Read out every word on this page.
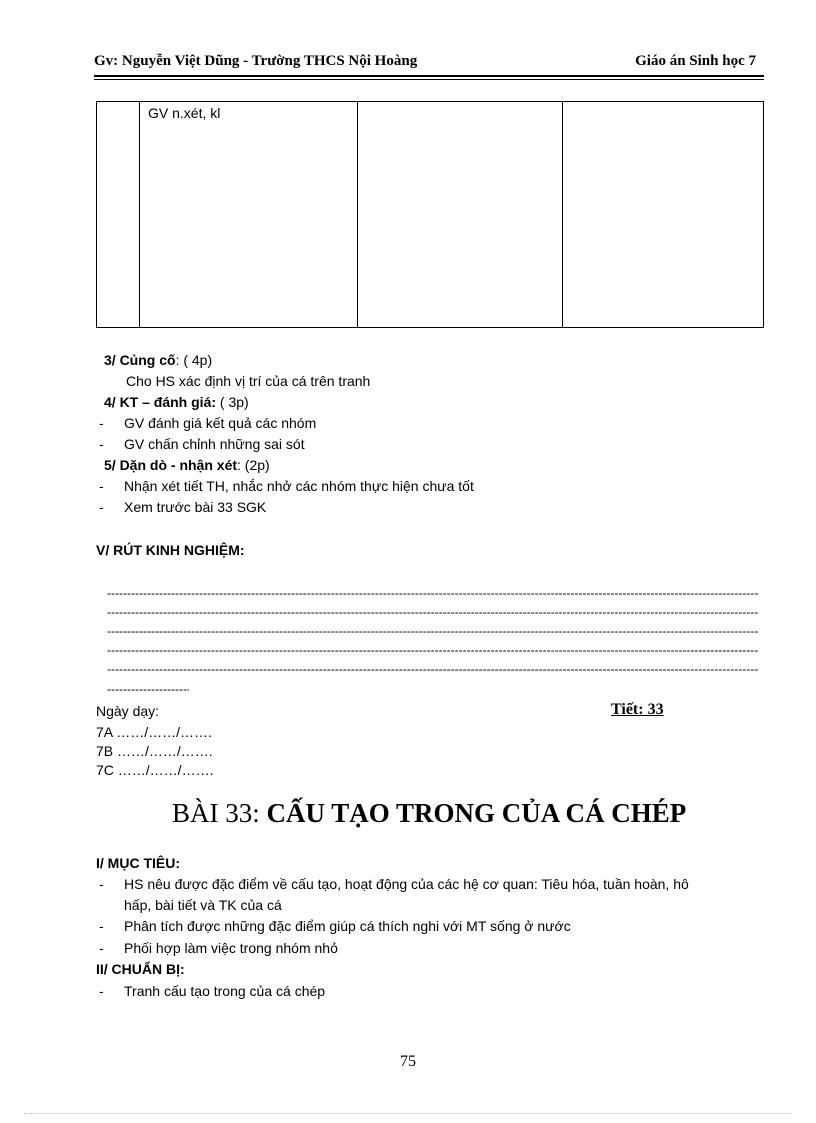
Gv: Nguyễn Việt Dũng - Trường THCS Nội Hoàng	Giáo án Sinh học 7

GV n.xét, kl

3/ Củng cố: ( 4p)
Cho HS xác định vị trí của cá trên tranh
4/ KT – đánh giá: ( 3p)
- GV đánh giá kết quả các nhóm
- GV chấn chỉnh những sai sót
5/ Dặn dò - nhận xét: (2p)
- Nhận xét tiết TH, nhắc nhở các nhóm thực hiện chưa tốt
- Xem trước bài 33 SGK
V/ RÚT KINH NGHIỆM:
-----
-----
-----
-----
-----
-----
Ngày dạy:	Tiết: 33
7A ……/……/…….
7B ……/……/…….
7C ……/……/…….
BÀI 33: CẤU TẠO TRONG CỦA CÁ CHÉP
I/ MỤC TIÊU:
- HS nêu được đặc điểm về cấu tạo, hoạt động của các hệ cơ quan: Tiêu hóa, tuần hoàn, hô
hấp, bài tiết và TK của cá
- Phân tích được những đặc điểm giúp cá thích nghi với MT sống ở nước
- Phối hợp làm việc trong nhóm nhỏ
II/ CHUẨN BỊ:
- Tranh cấu tạo trong của cá chép
75
